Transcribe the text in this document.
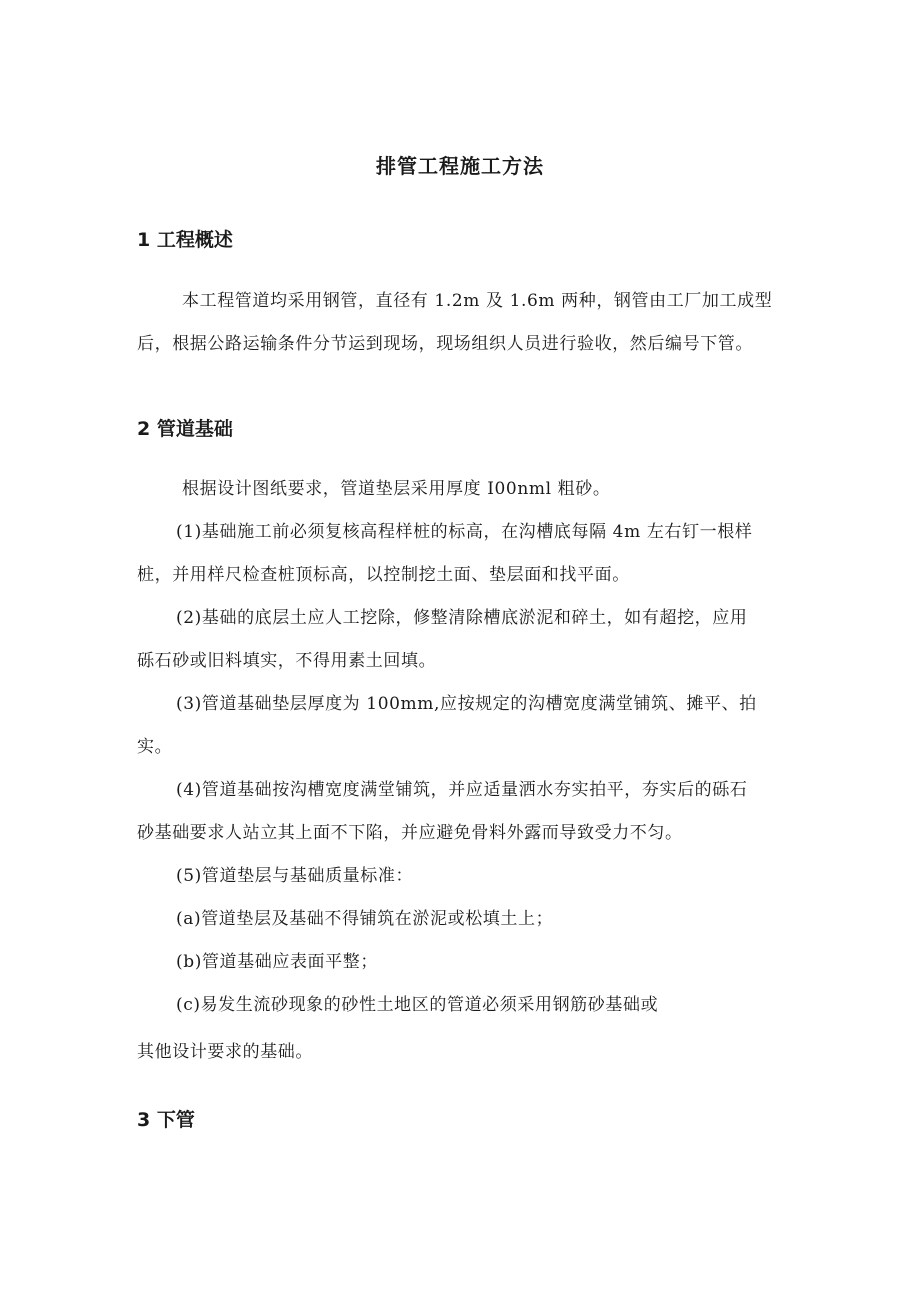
排管工程施工方法
1 工程概述
本工程管道均采用钢管，直径有 1.2m 及 1.6m 两种，钢管由工厂加工成型
后，根据公路运输条件分节运到现场，现场组织人员进行验收，然后编号下管。
2 管道基础
根据设计图纸要求，管道垫层采用厚度 I00nml 粗砂。
(1)基础施工前必须复核高程样桩的标高，在沟槽底每隔 4m 左右钉一根样
桩，并用样尺检查桩顶标高，以控制挖土面、垫层面和找平面。
(2)基础的底层土应人工挖除，修整清除槽底淤泥和碎土，如有超挖，应用
砾石砂或旧料填实，不得用素土回填。
(3)管道基础垫层厚度为 100mm,应按规定的沟槽宽度满堂铺筑、摊平、拍
实。
(4)管道基础按沟槽宽度满堂铺筑，并应适量洒水夯实拍平，夯实后的砾石
砂基础要求人站立其上面不下陷，并应避免骨料外露而导致受力不匀。
(5)管道垫层与基础质量标准：
(a)管道垫层及基础不得铺筑在淤泥或松填土上；
(b)管道基础应表面平整；
(c)易发生流砂现象的砂性土地区的管道必须采用钢筋砂基础或
其他设计要求的基础。
3 下管
